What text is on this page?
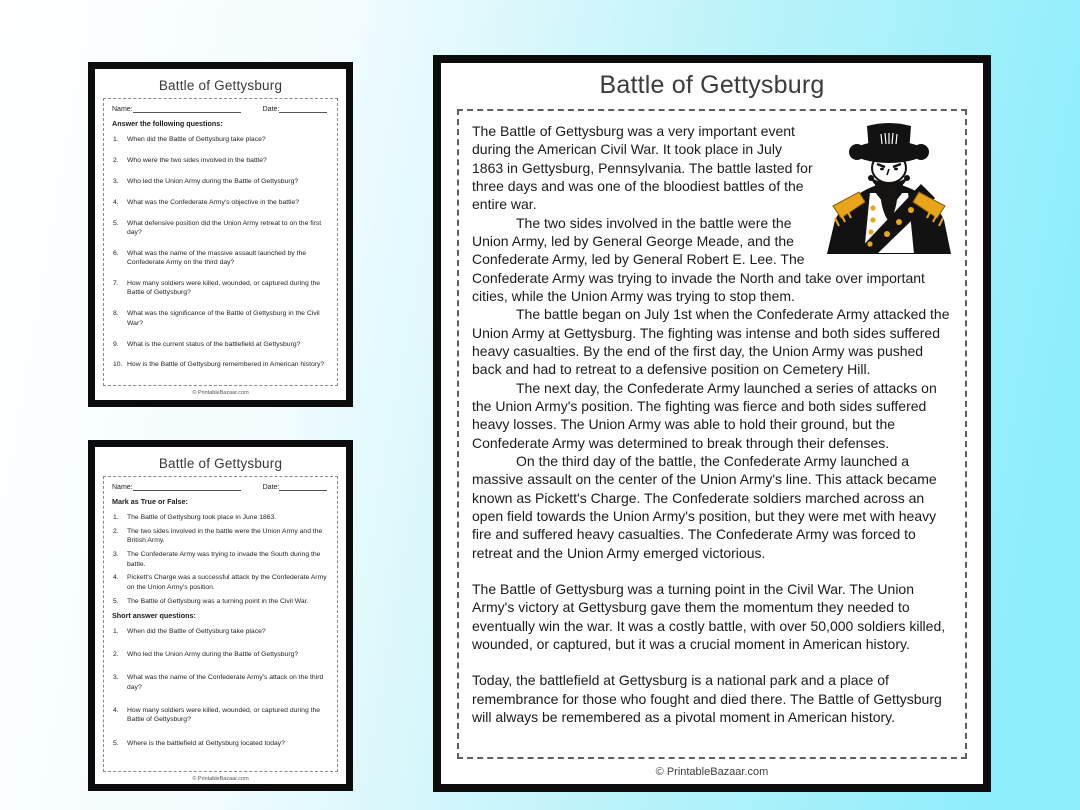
Battle of Gettysburg
Name:	Date:
Answer the following questions:
When did the Battle of Gettysburg take place?
Who were the two sides involved in the battle?
Who led the Union Army during the Battle of Gettysburg?
What was the Confederate Army's objective in the battle?
What defensive position did the Union Army retreat to on the first day?
What was the name of the massive assault launched by the Confederate Army on the third day?
How many soldiers were killed, wounded, or captured during the Battle of Gettysburg?
What was the significance of the Battle of Gettysburg in the Civil War?
What is the current status of the battlefield at Gettysburg?
How is the Battle of Gettysburg remembered in American history?
© PrintableBazaar.com
Battle of Gettysburg
Name:	Date:
Mark as True or False:
The Battle of Gettysburg took place in June 1863.
The two sides involved in the battle were the Union Army and the British Army.
The Confederate Army was trying to invade the South during the battle.
Pickett's Charge was a successful attack by the Confederate Army on the Union Army's position.
The Battle of Gettysburg was a turning point in the Civil War.
Short answer questions:
When did the Battle of Gettysburg take place?
Who led the Union Army during the Battle of Gettysburg?
What was the name of the Confederate Army's attack on the third day?
How many soldiers were killed, wounded, or captured during the Battle of Gettysburg?
Where is the battlefield at Gettysburg located today?
© PrintableBazaar.com
Battle of Gettysburg

The Battle of Gettysburg was a very important event during the American Civil War. It took place in July 1863 in Gettysburg, Pennsylvania. The battle lasted for three days and was one of the bloodiest battles of the entire war.

The two sides involved in the battle were the Union Army, led by General George Meade, and the Confederate Army, led by General Robert E. Lee. The Confederate Army was trying to invade the North and take over important cities, while the Union Army was trying to stop them.

The battle began on July 1st when the Confederate Army attacked the Union Army at Gettysburg. The fighting was intense and both sides suffered heavy casualties. By the end of the first day, the Union Army was pushed back and had to retreat to a defensive position on Cemetery Hill.

The next day, the Confederate Army launched a series of attacks on the Union Army's position. The fighting was fierce and both sides suffered heavy losses. The Union Army was able to hold their ground, but the Confederate Army was determined to break through their defenses.

On the third day of the battle, the Confederate Army launched a massive assault on the center of the Union Army's line. This attack became known as Pickett's Charge. The Confederate soldiers marched across an open field towards the Union Army's position, but they were met with heavy fire and suffered heavy casualties. The Confederate Army was forced to retreat and the Union Army emerged victorious.

The Battle of Gettysburg was a turning point in the Civil War. The Union Army's victory at Gettysburg gave them the momentum they needed to eventually win the war. It was a costly battle, with over 50,000 soldiers killed, wounded, or captured, but it was a crucial moment in American history.

Today, the battlefield at Gettysburg is a national park and a place of remembrance for those who fought and died there. The Battle of Gettysburg will always be remembered as a pivotal moment in American history.

© PrintableBazaar.com
